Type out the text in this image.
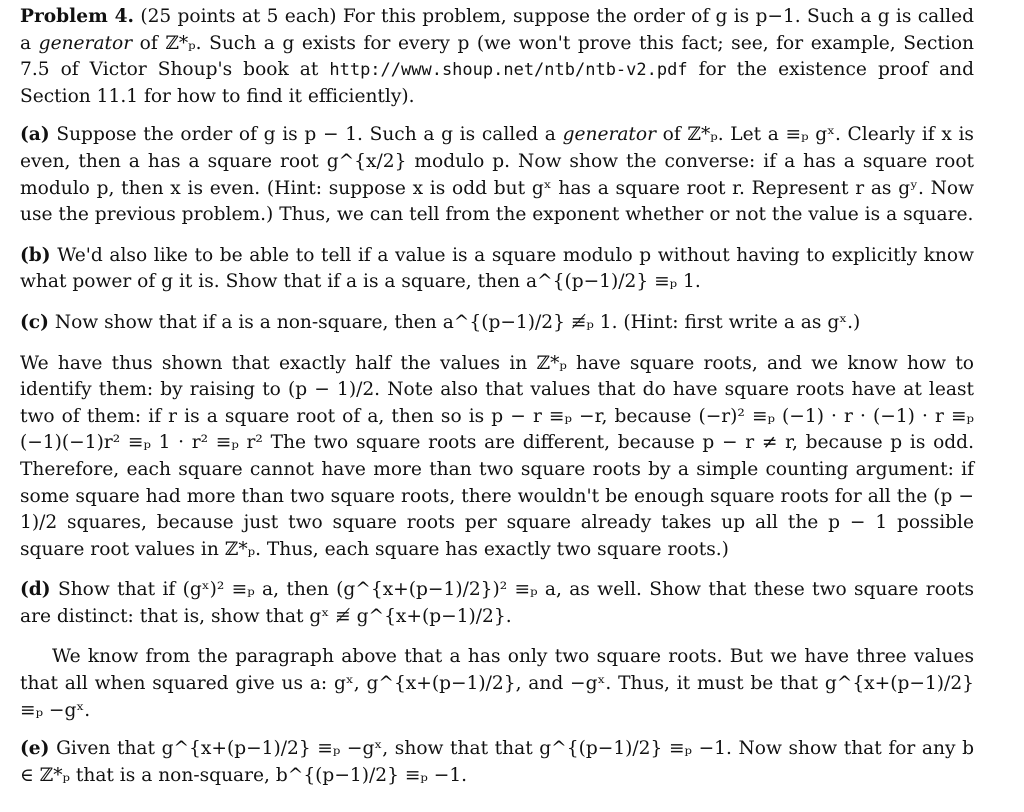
Problem 4. (25 points at 5 each) For this problem, suppose the order of g is p−1. Such a g is called a generator of ℤ*ₚ. Such a g exists for every p (we won't prove this fact; see, for example, Section 7.5 of Victor Shoup's book at http://www.shoup.net/ntb/ntb-v2.pdf for the existence proof and Section 11.1 for how to find it efficiently).

(a) Suppose the order of g is p − 1. Such a g is called a generator of ℤ*ₚ. Let a ≡ₚ gˣ. Clearly if x is even, then a has a square root g^{x/2} modulo p. Now show the converse: if a has a square root modulo p, then x is even. (Hint: suppose x is odd but gˣ has a square root r. Represent r as gʸ. Now use the previous problem.) Thus, we can tell from the exponent whether or not the value is a square.

(b) We'd also like to be able to tell if a value is a square modulo p without having to explicitly know what power of g it is. Show that if a is a square, then a^{(p−1)/2} ≡ₚ 1.

(c) Now show that if a is a non-square, then a^{(p−1)/2} ≢ₚ 1. (Hint: first write a as gˣ.)

We have thus shown that exactly half the values in ℤ*ₚ have square roots, and we know how to identify them: by raising to (p − 1)/2. Note also that values that do have square roots have at least two of them: if r is a square root of a, then so is p − r ≡ₚ −r, because (−r)² ≡ₚ (−1) · r · (−1) · r ≡ₚ (−1)(−1)r² ≡ₚ 1 · r² ≡ₚ r² The two square roots are different, because p − r ≠ r, because p is odd. Therefore, each square cannot have more than two square roots by a simple counting argument: if some square had more than two square roots, there wouldn't be enough square roots for all the (p − 1)/2 squares, because just two square roots per square already takes up all the p − 1 possible square root values in ℤ*ₚ. Thus, each square has exactly two square roots.)

(d) Show that if (gˣ)² ≡ₚ a, then (g^{x+(p−1)/2})² ≡ₚ a, as well. Show that these two square roots are distinct: that is, show that gˣ ≢ g^{x+(p−1)/2}.

We know from the paragraph above that a has only two square roots. But we have three values that all when squared give us a: gˣ, g^{x+(p−1)/2}, and −gˣ. Thus, it must be that g^{x+(p−1)/2} ≡ₚ −gˣ.

(e) Given that g^{x+(p−1)/2} ≡ₚ −gˣ, show that that g^{(p−1)/2} ≡ₚ −1. Now show that for any b ∈ ℤ*ₚ that is a non-square, b^{(p−1)/2} ≡ₚ −1.
